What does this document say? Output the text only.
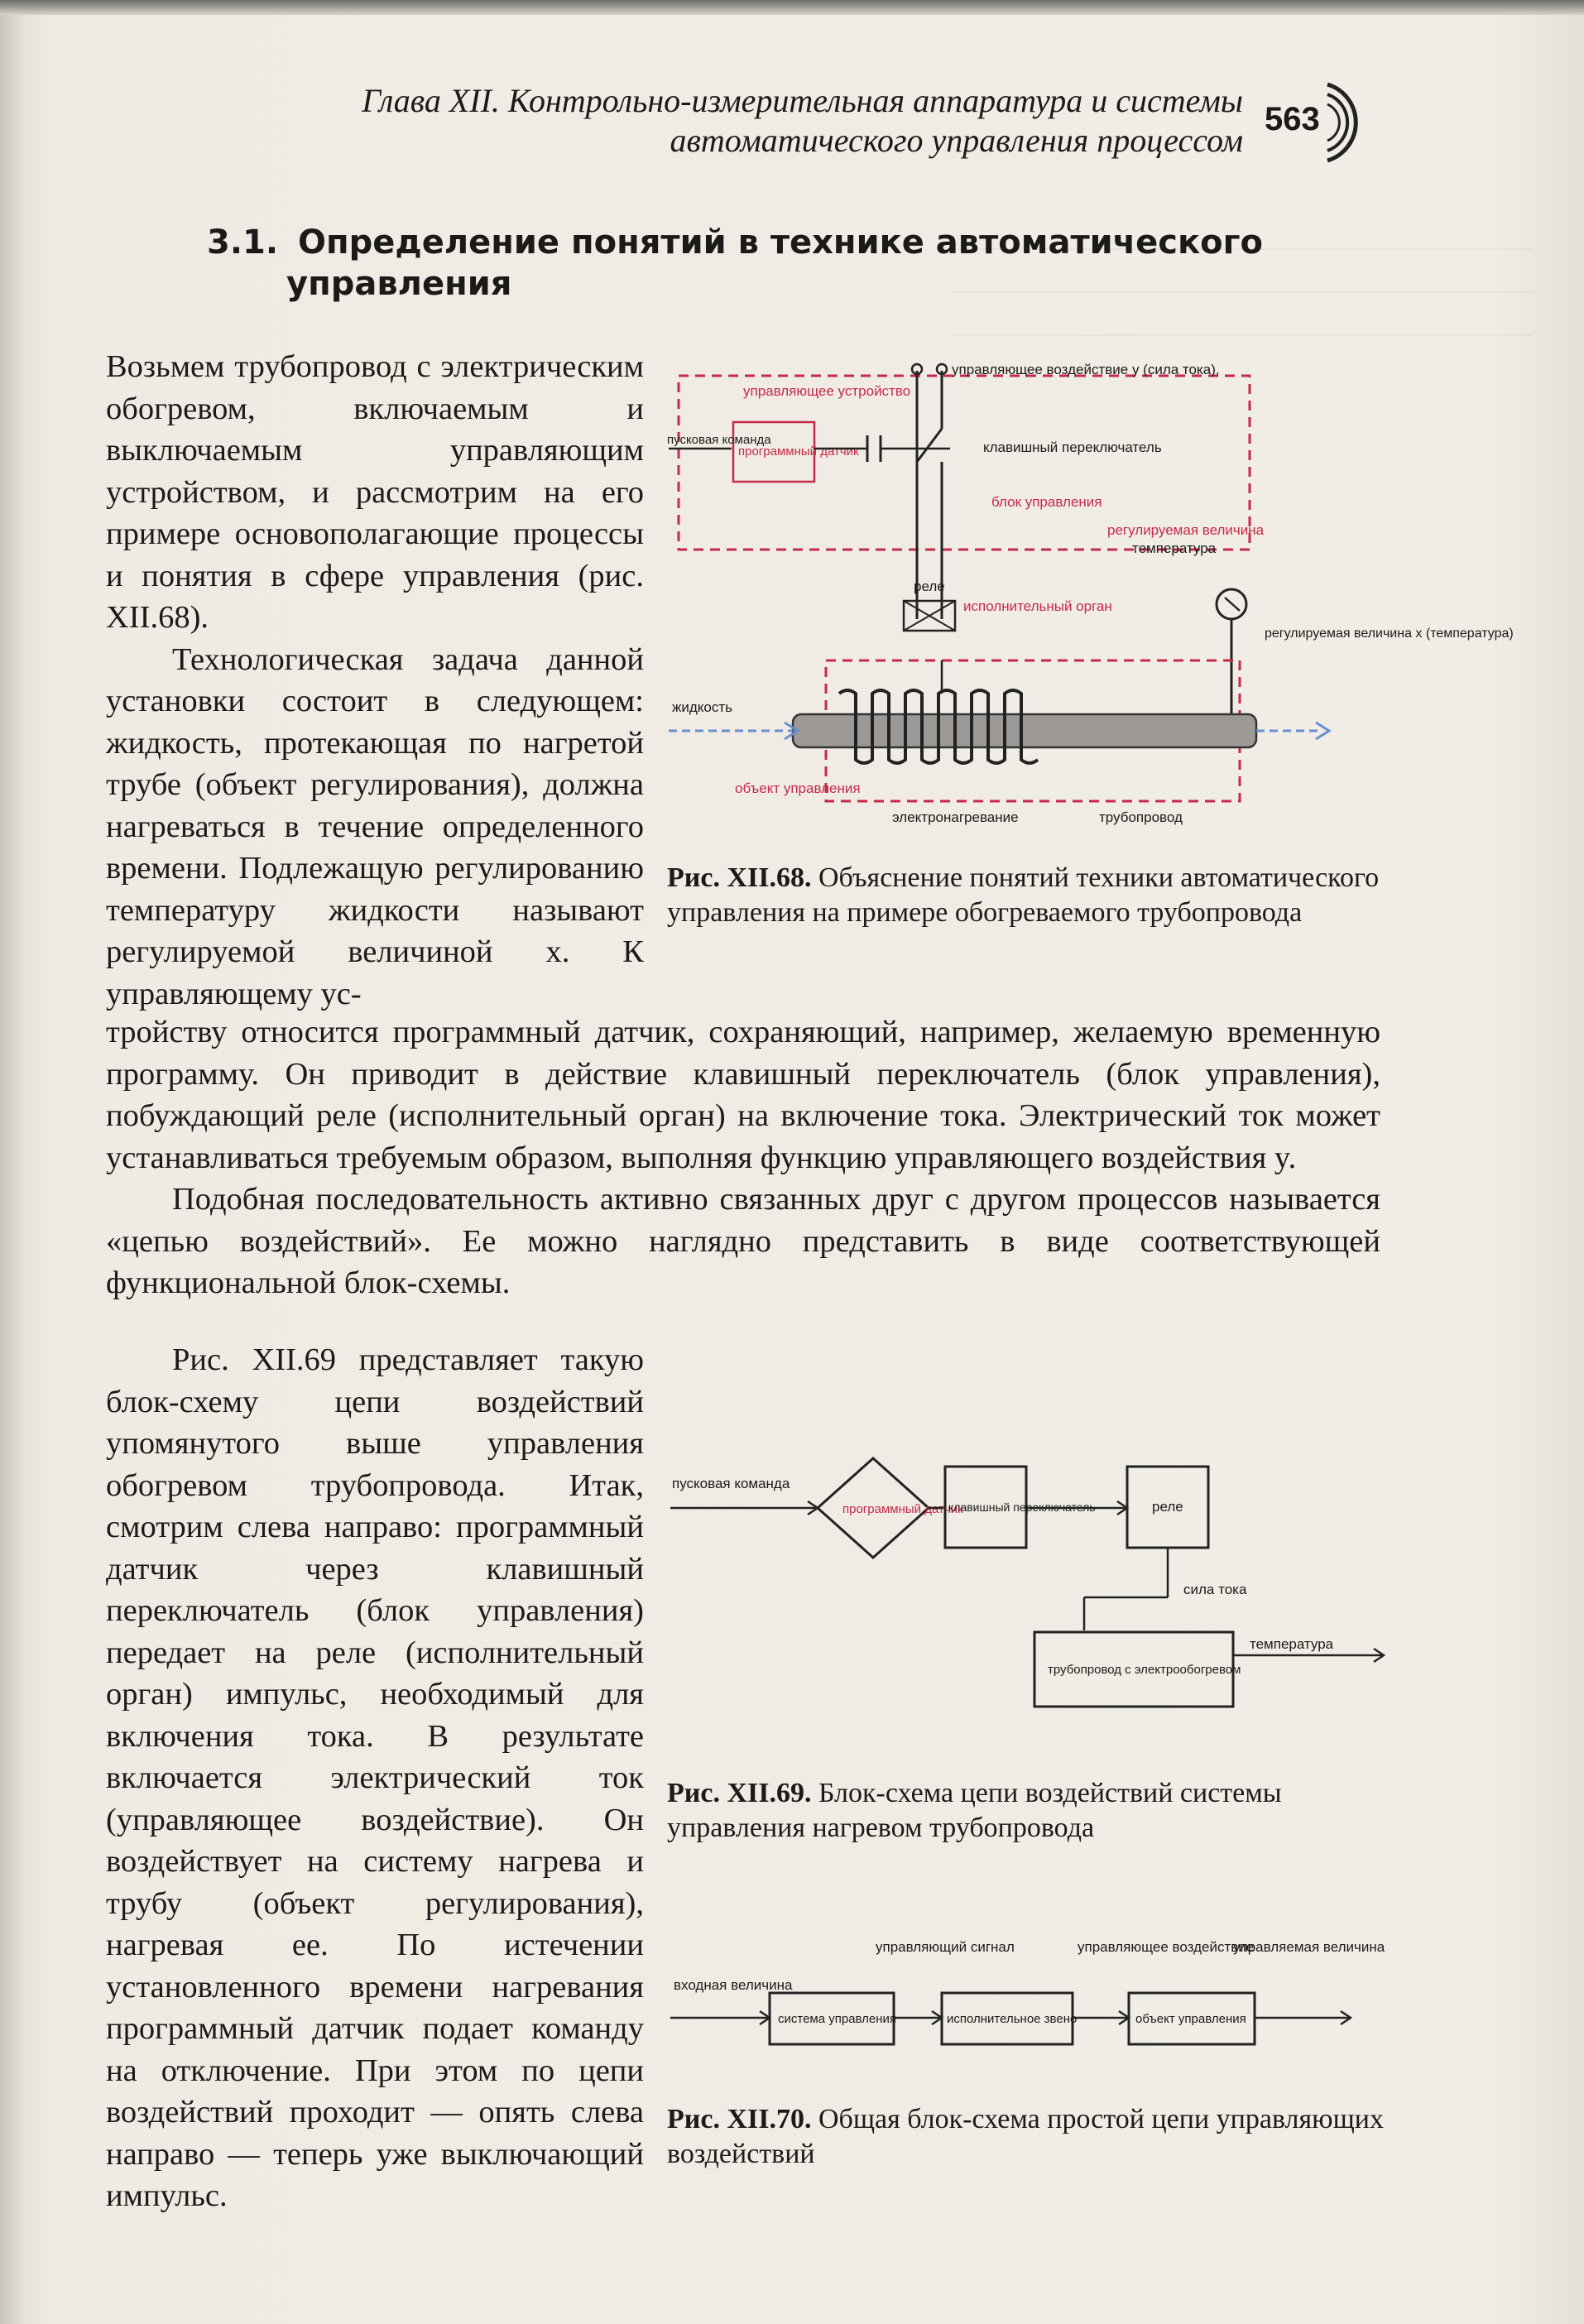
Глава XII. Контрольно-измерительная аппаратура и системы
автоматического управления процессом
563
3.1. Определение понятий в технике автоматического
управления

Возьмем трубопровод с электрическим обогревом, включаемым и выключаемым управляющим устройством, и рассмотрим на его примере основополагающие процессы и понятия в сфере управления (рис. XII.68).

Технологическая задача данной установки состоит в следующем: жидкость, протекающая по нагретой трубе (объект регулирования), должна нагреваться в течение определенного времени. Подлежащую регулированию температуру жидкости называют регулируемой величиной x. К управляющему ус-

тройству относится программный датчик, сохраняющий, например, желаемую временную программу. Он приводит в действие клавишный переключатель (блок управления), побуждающий реле (исполнительный орган) на включение тока. Электрический ток может устанавливаться требуемым образом, выполняя функцию управляющего воздействия y.

Подобная последовательность активно связанных друг с другом процессов называется «цепью воздействий». Ее можно наглядно представить в виде соответствующей функциональной блок-схемы.

Рис. XII.69 представляет такую блок-схему цепи воздействий упомянутого выше управления обогревом трубопровода. Итак, смотрим слева направо: программный датчик через клавишный переключатель (блок управления) передает на реле (исполнительный орган) импульс, необходимый для включения тока. В результате включается электрический ток (управляющее воздействие). Он воздействует на систему нагрева и трубу (объект регулирования), нагревая ее. По истечении установленного времени нагревания программный датчик подает команду на отключение. При этом по цепи воздействий проходит — опять слева направо — теперь уже выключающий импульс.

управляющее устройство
программный датчик
пусковая команда
управляющее воздействие y (сила тока),
клавишный переключатель
блок управления
регулируемая величина
температура
реле
исполнительный орган
регулируемая величина x (температура)
жидкость
объект управления
электронагревание	трубопровод
Рис. XII.68. Объяснение понятий техники автоматического управления на примере обогреваемого трубопровода
пусковая команда
программный датчик
клавишный переключатель	реле
сила тока
трубопровод с электрообогревом
температура
Рис. XII.69. Блок-схема цепи воздействий системы управления нагревом трубопровода
входная величина
система управления
управляющий сигнал
исполнительное звено
управляющее воздействие
объект управления
управляемая величина
Рис. XII.70. Общая блок-схема простой цепи управляющих воздействий
